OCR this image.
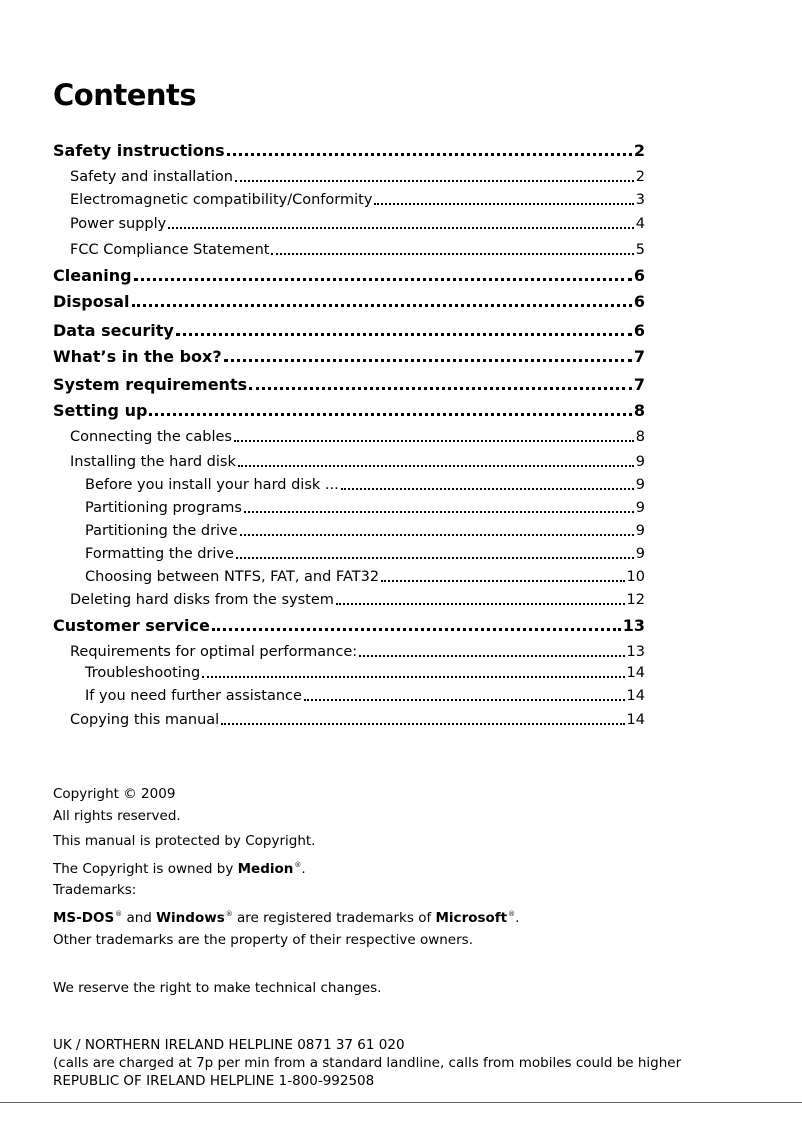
Contents
Safety instructions	2
Safety and installation	2
Electromagnetic compatibility/Conformity	3
Power supply	4
FCC Compliance Statement	5
Cleaning	6
Disposal	6
Data security	6
What’s in the box?	7
System requirements	7
Setting up	8
Connecting the cables	8
Installing the hard disk	9
Before you install your hard disk ...	9
Partitioning programs	9
Partitioning the drive	9
Formatting the drive	9
Choosing between NTFS, FAT, and FAT32	10
Deleting hard disks from the system	12
Customer service	13
Requirements for optimal performance:	13
Troubleshooting	14
If you need further assistance	14
Copying this manual	14

Copyright © 2009

All rights reserved.

This manual is protected by Copyright.

The Copyright is owned by Medion®.

Trademarks:

MS-DOS® and Windows® are registered trademarks of Microsoft®.

Other trademarks are the property of their respective owners.

We reserve the right to make technical changes.

UK / NORTHERN IRELAND HELPLINE 0871 37 61 020

(calls are charged at 7p per min from a standard landline, calls from mobiles could be higher

REPUBLIC OF IRELAND HELPLINE 1-800-992508
